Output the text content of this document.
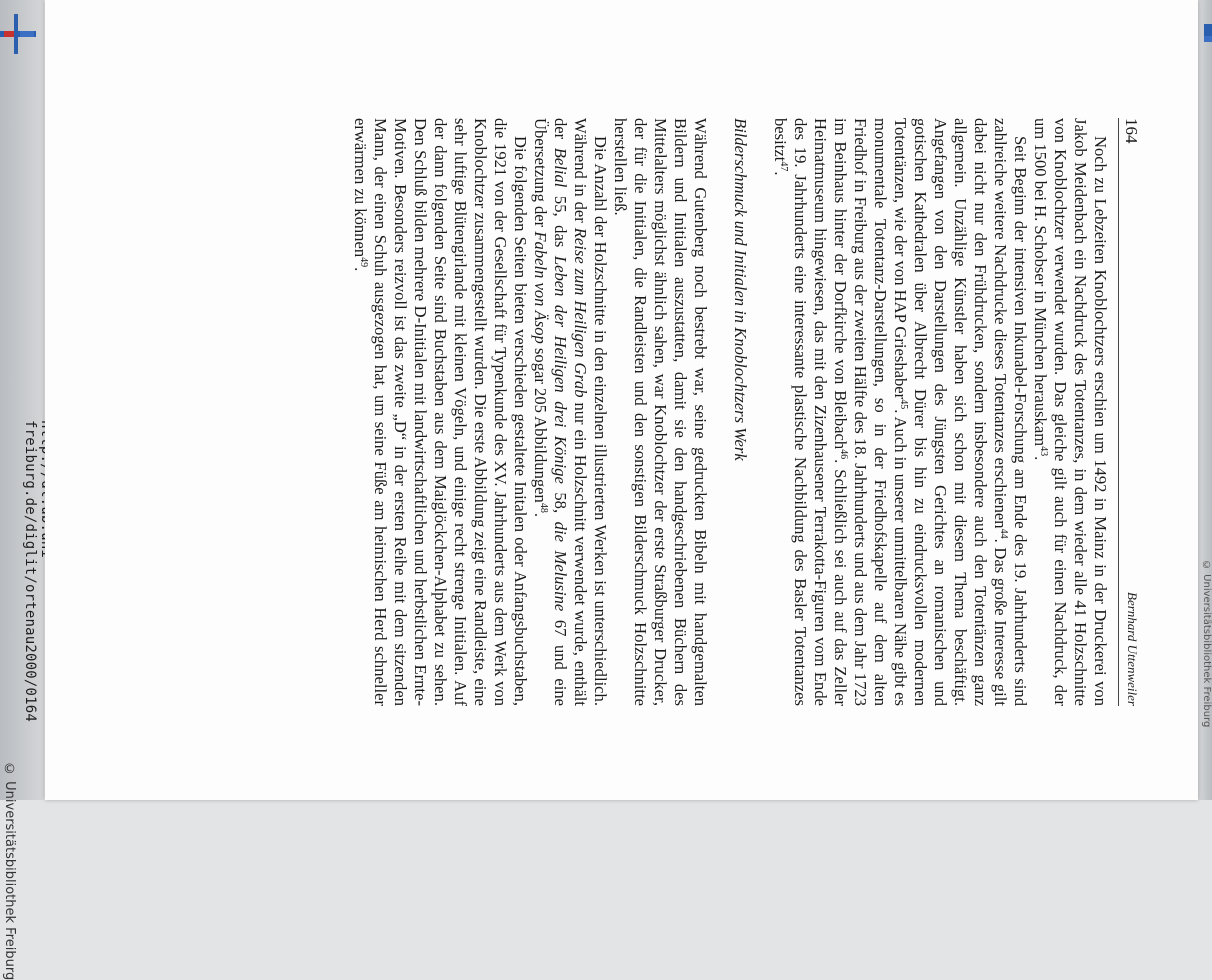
freiburg.de/diglit/ortenau2000/0164
© Universitätsbibliothek Freiburg
© Universitätsbibliothek Freiburg
164
Bernhard Uttenweiler

Noch zu Lebzeiten Knoblochtzers erschien um 1492 in Mainz in der Druckerei von Jakob Meidenbach ein Nachdruck des Totentanzes, in dem wieder alle 41 Holzschnitte von Knoblochtzer verwendet wurden. Das gleiche gilt auch für einen Nachdruck, der um 1500 bei H. Schobser in München herauskam$^{43}$.

Seit Beginn der intensiven Inkunabel-Forschung am Ende des 19. Jahrhunderts sind zahlreiche weitere Nachdrucke dieses Totentanzes erschienen$^{44}$. Das große Interesse gilt dabei nicht nur den Frühdrucken, sondern insbesondere auch den Totentänzen ganz allgemein. Unzählige Künstler haben sich schon mit diesem Thema beschäftigt. Angefangen von den Darstellungen des Jüngsten Gerichtes an romanischen und gotischen Kathedralen über Albrecht Dürer bis hin zu eindrucksvollen modernen Totentänzen, wie der von HAP Grieshaber$^{45}$. Auch in unserer unmittelbaren Nähe gibt es monumentale Totentanz-Darstellungen, so in der Friedhofskapelle auf dem alten Friedhof in Freiburg aus der zweiten Hälfte des 18. Jahrhunderts und aus dem Jahr 1723 im Beinhaus hinter der Dorfkirche von Bleibach$^{46}$. Schließlich sei auch auf das Zeller Heimatmuseum hingewiesen, das mit den Zizenhausener Terrakotta-Figuren vom Ende des 19. Jahrhunderts eine interessante plastische Nachbildung des Basler Totentanzes besitzt$^{47}$.

Bilderschmuck und Initialen in Knoblochtzers Werk

Während Gutenberg noch bestrebt war, seine gedruckten Bibeln mit handgemalten Bildern und Initialen auszustatten, damit sie den handgeschriebenen Büchern des Mittelalters möglichst ähnlich sahen, war Knoblochtzer der erste Straßburger Drucker, der für die Initialen, die Randleisten und den sonstigen Bilderschmuck Holzschnitte herstellen ließ.

Die Anzahl der Holzschnitte in den einzelnen illustrierten Werken ist unterschiedlich. Während in der Reise zum Heiligen Grab nur ein Holzschnitt verwendet wurde, enthält der Belial 55, das Leben der Heiligen drei Könige 58, die Melusine 67 und eine Übersetzung der Fabeln von Äsop sogar 205 Abbildungen$^{48}$.

Die folgenden Seiten bieten verschieden gestaltete Initalen oder Anfangsbuchstaben, die 1921 von der Gesellschaft für Typenkunde des XV. Jahrhunderts aus dem Werk von Knoblochtzer zusammengestellt wurden. Die erste Abbildung zeigt eine Randleiste, eine sehr luftige Blütengirlande mit kleinen Vögeln, und einige recht strenge Initialen. Auf der dann folgenden Seite sind Buchstaben aus dem Maiglöckchen-Alphabet zu sehen. Den Schluß bilden mehrere D-Initialen mit landwirtschaftlichen und herbstlichen Ernte-Motiven. Besonders reizvoll ist das zweite „D“ in der ersten Reihe mit dem sitzenden Mann, der einen Schuh ausgezogen hat, um seine Füße am heimischen Herd schneller erwärmen zu können$^{49}$.
